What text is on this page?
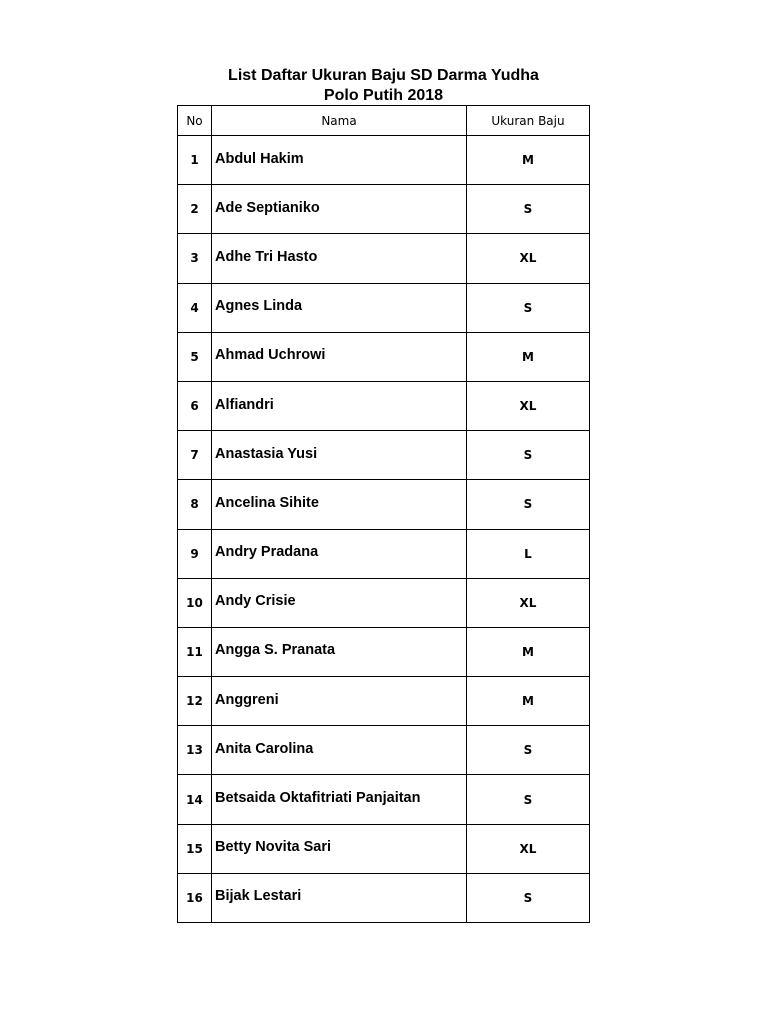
List Daftar Ukuran Baju SD Darma Yudha
Polo Putih 2018
No	Nama	Ukuran Baju
1	Abdul Hakim	M
2	Ade Septianiko	S
3	Adhe Tri Hasto	XL
4	Agnes Linda	S
5	Ahmad Uchrowi	M
6	Alfiandri	XL
7	Anastasia Yusi	S
8	Ancelina Sihite	S
9	Andry Pradana	L
10	Andy Crisie	XL
11	Angga S. Pranata	M
12	Anggreni	M
13	Anita Carolina	S
14	Betsaida Oktafitriati Panjaitan	S
15	Betty Novita Sari	XL
16	Bijak Lestari	S
